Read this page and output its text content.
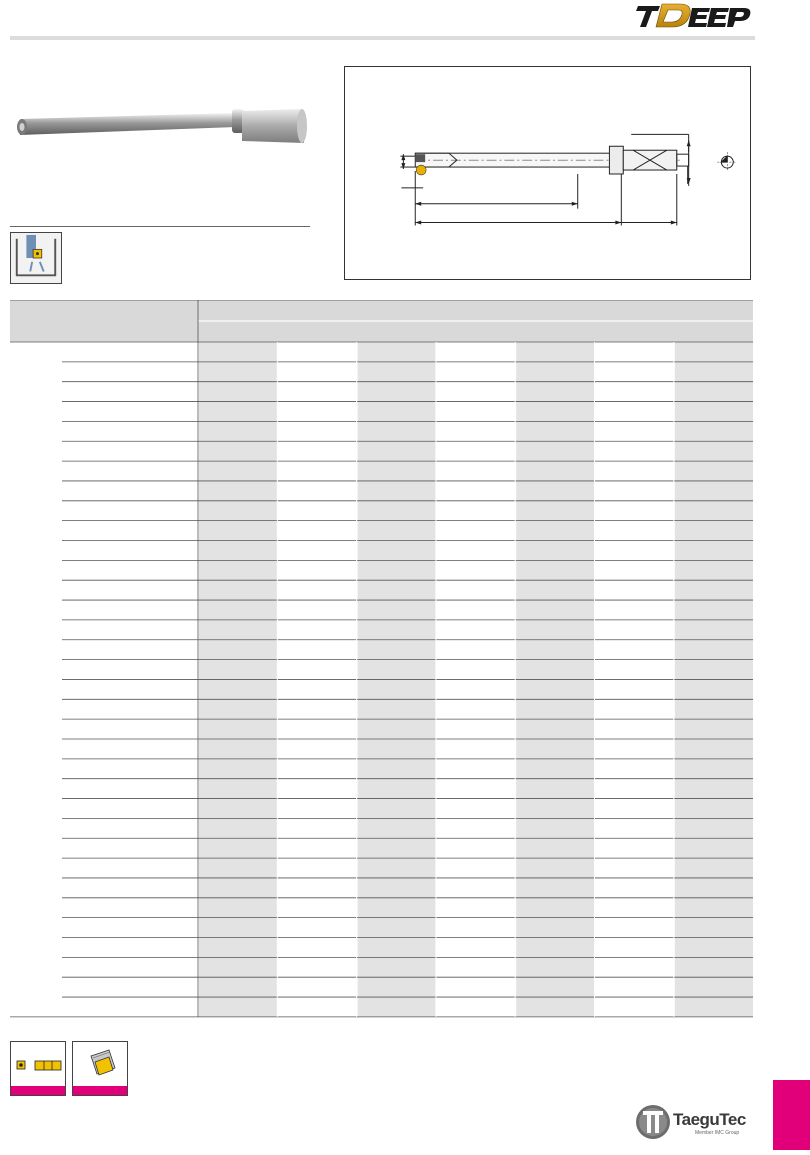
TaeguTec
Member IMC Group
